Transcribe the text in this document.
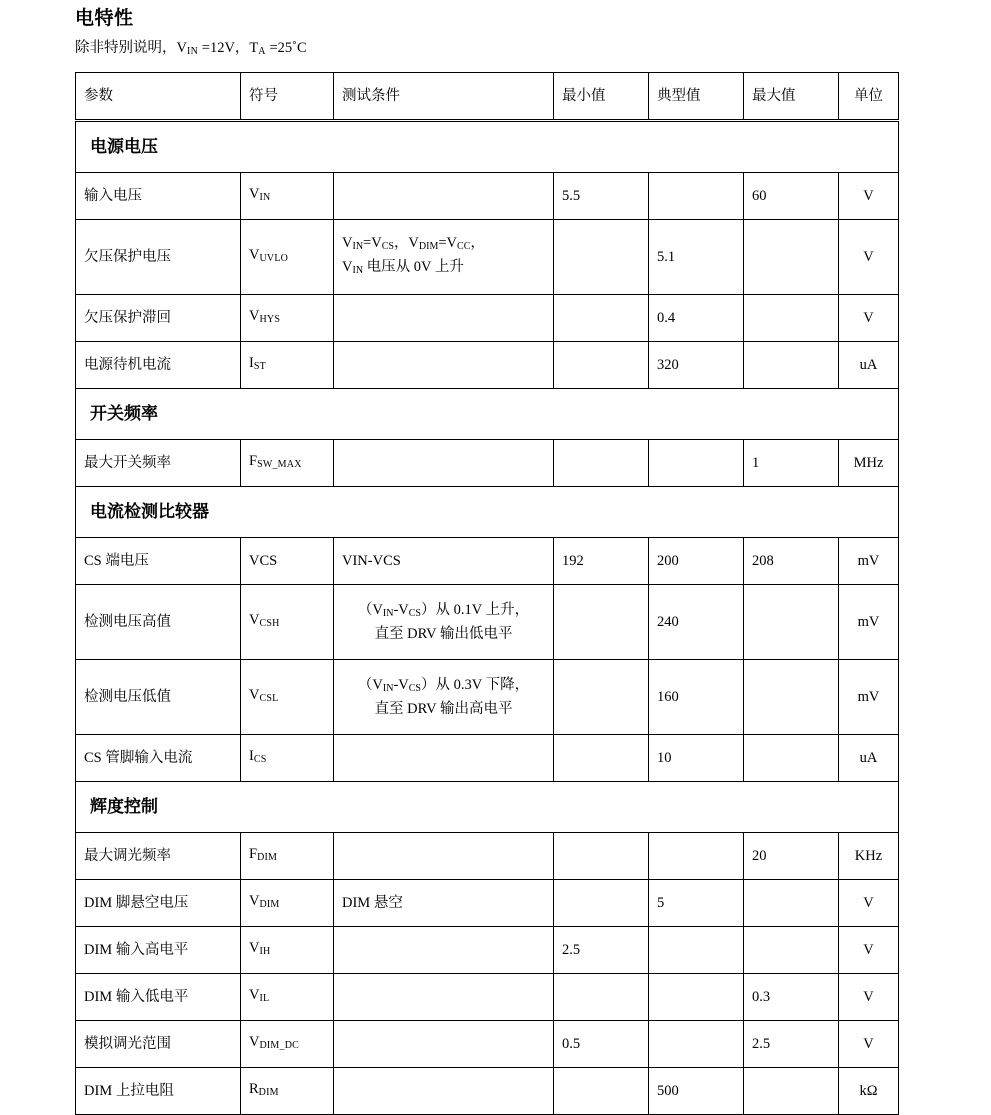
电特性

除非特别说明，VIN =12V，TA =25˚C

参数	符号	测试条件	最小值	典型值	最大值	单位
电源电压						
输入电压	$V_{IN}$		5.5		60	V
欠压保护电压	$V_{UVLO}$	$V_{IN}=V_{CS}$，$V_{DIM}=V_{CC}$，
$V_{IN}$ 电压从 0V 上升		5.1		V
欠压保护滞回	$V_{HYS}$			0.4		V
电源待机电流	$I_{ST}$			320		uA
开关频率						
最大开关频率	$F_{SW\_MAX}$				1	MHz
电流检测比较器						
CS 端电压	VCS	VIN-VCS	192	200	208	mV
检测电压高值	$V_{CSH}$	$(V_{IN}-V_{CS})$从 0.1V 上升，
直至 DRV 输出低电平		240		mV
检测电压低值	$V_{CSL}$	$(V_{IN}-V_{CS})$从 0.3V 下降，
直至 DRV 输出高电平		160		mV
CS 管脚输入电流	$I_{CS}$			10		uA
辉度控制						
最大调光频率	$F_{DIM}$				20	KHz
DIM 脚悬空电压	$V_{DIM}$	DIM 悬空		5		V
DIM 输入高电平	$V_{IH}$		2.5			V
DIM 输入低电平	$V_{IL}$				0.3	V
模拟调光范围	$V_{DIM\_DC}$		0.5		2.5	V
DIM 上拉电阻	$R_{DIM}$			500		kΩ
